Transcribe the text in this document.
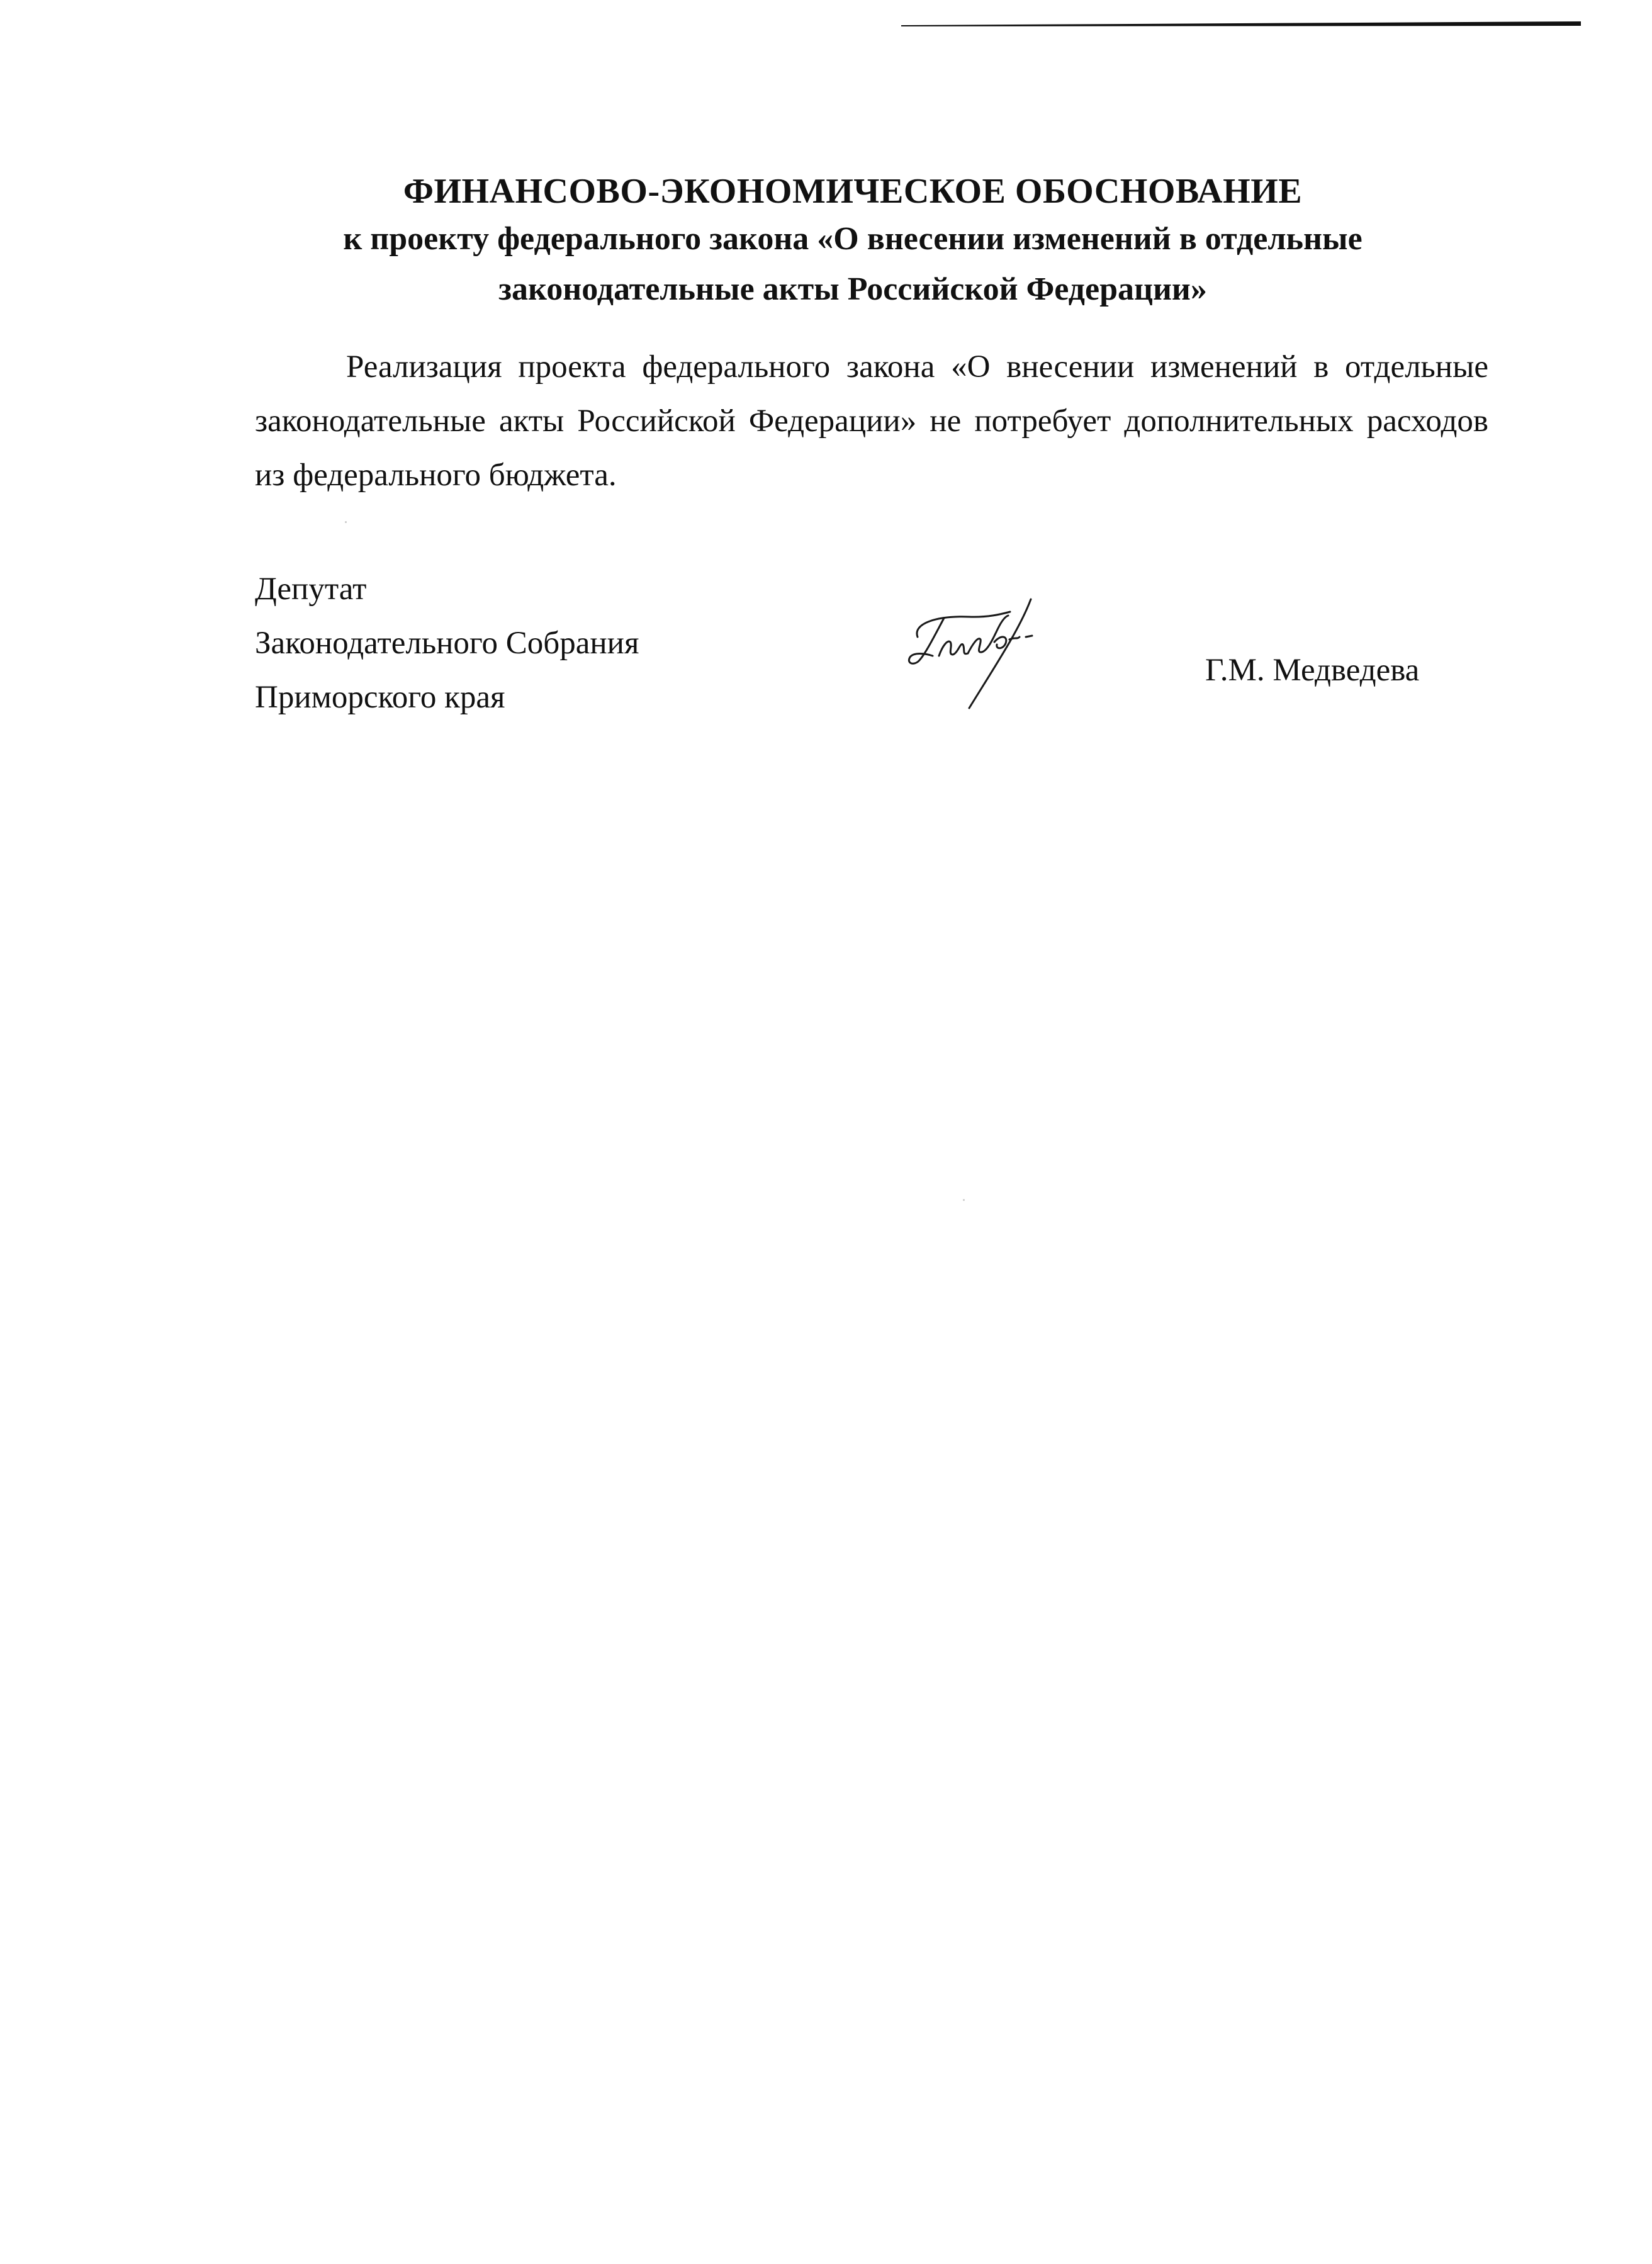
ФИНАНСОВО-ЭКОНОМИЧЕСКОЕ ОБОСНОВАНИЕ
к проекту федерального закона «О внесении изменений в отдельные
законодательные акты Российской Федерации»

Реализация проекта федерального закона «О внесении изменений в отдельные законодательные акты Российской Федерации» не потребует дополнительных расходов из федерального бюджета.

Депутат
Законодательного Собрания
Приморского края
Г.М. Медведева
